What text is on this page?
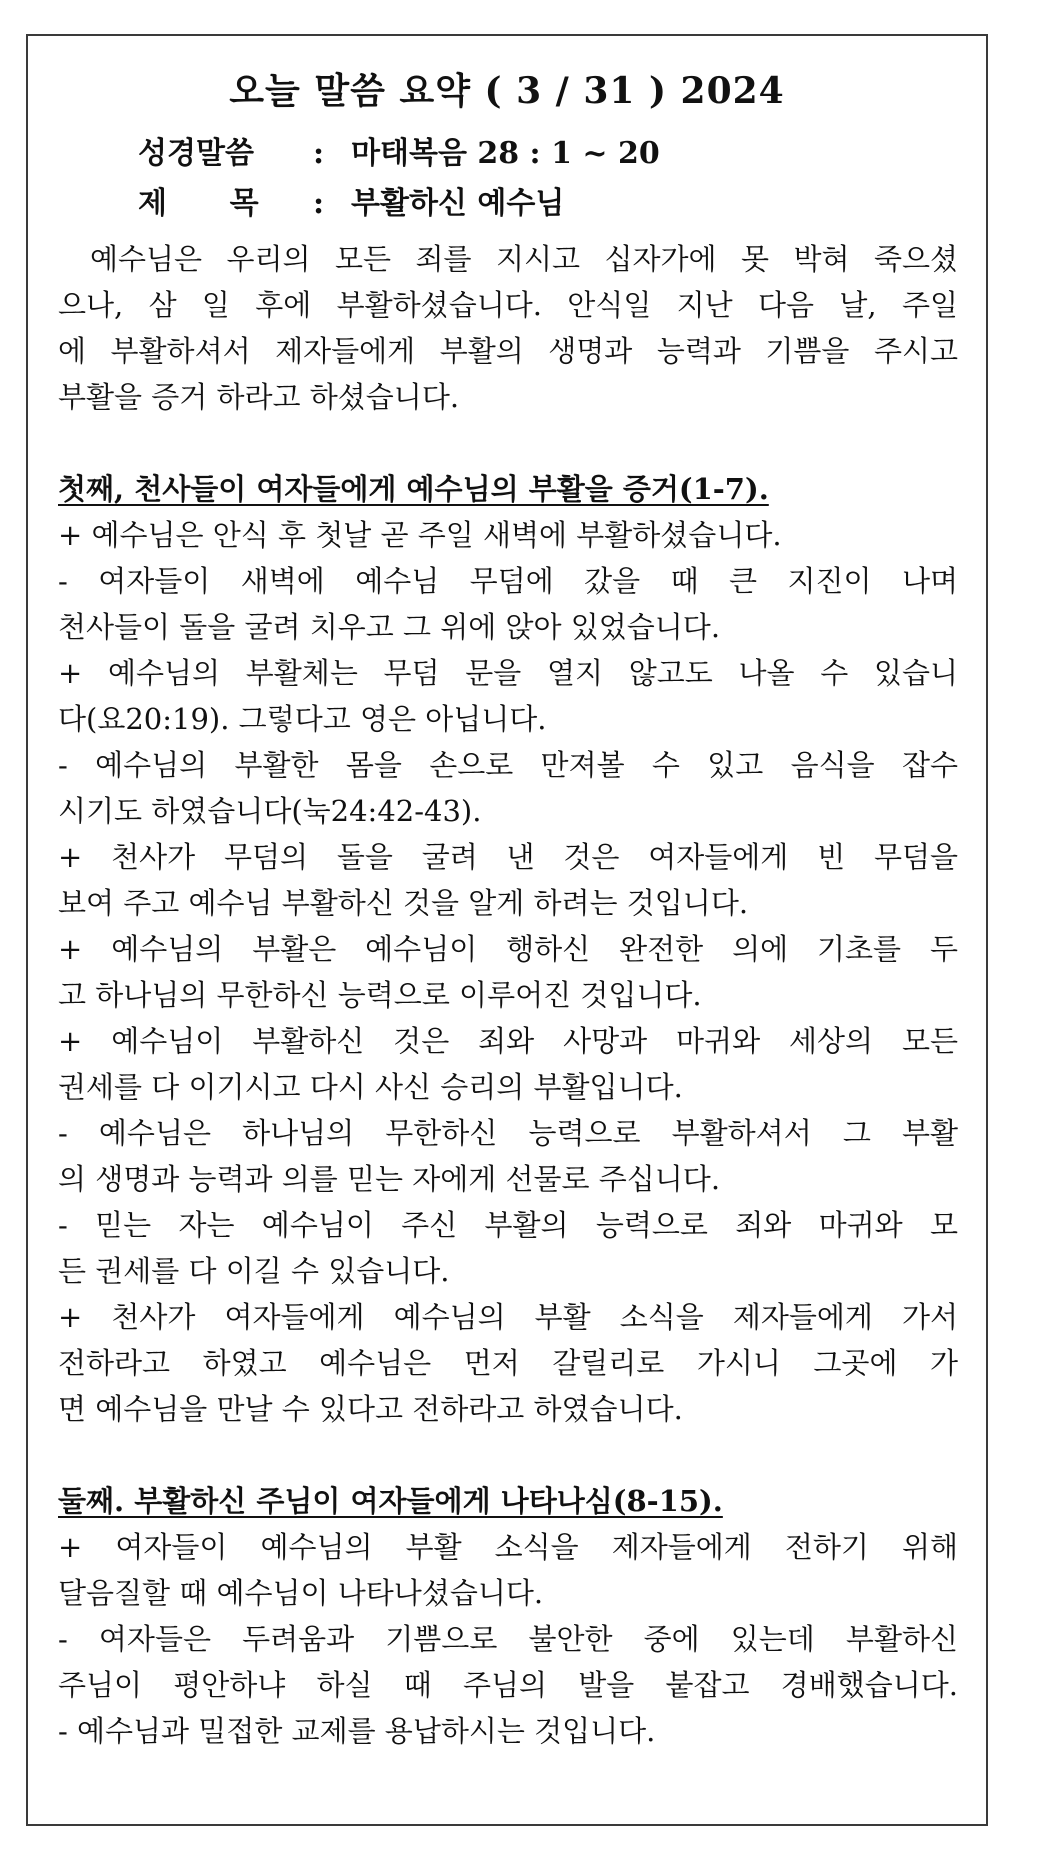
오늘 말씀 요약 ( 3 / 31 ) 2024
성경말씀 : 마태복음 28 : 1 ~ 20
제      목 : 부활하신 예수님
예수님은 우리의 모든 죄를 지시고 십자가에 못 박혀 죽으셨
으나, 삼 일 후에 부활하셨습니다. 안식일 지난 다음 날, 주일
에 부활하셔서 제자들에게 부활의 생명과 능력과 기쁨을 주시고
부활을 증거 하라고 하셨습니다.
첫째, 천사들이 여자들에게 예수님의 부활을 증거(1-7).
+ 예수님은 안식 후 첫날 곧 주일 새벽에 부활하셨습니다.
- 여자들이 새벽에 예수님 무덤에 갔을 때 큰 지진이 나며
천사들이 돌을 굴려 치우고 그 위에 앉아 있었습니다.
+ 예수님의 부활체는 무덤 문을 열지 않고도 나올 수 있습니
다(요20:19). 그렇다고 영은 아닙니다.
- 예수님의 부활한 몸을 손으로 만져볼 수 있고 음식을 잡수
시기도 하였습니다(눅24:42-43).
+ 천사가 무덤의 돌을 굴려 낸 것은 여자들에게 빈 무덤을
보여 주고 예수님 부활하신 것을 알게 하려는 것입니다.
+ 예수님의 부활은 예수님이 행하신 완전한 의에 기초를 두
고 하나님의 무한하신 능력으로 이루어진 것입니다.
+ 예수님이 부활하신 것은 죄와 사망과 마귀와 세상의 모든
권세를 다 이기시고 다시 사신 승리의 부활입니다.
- 예수님은 하나님의 무한하신 능력으로 부활하셔서 그 부활
의 생명과 능력과 의를 믿는 자에게 선물로 주십니다.
- 믿는 자는 예수님이 주신 부활의 능력으로 죄와 마귀와 모
든 권세를 다 이길 수 있습니다.
+ 천사가 여자들에게 예수님의 부활 소식을 제자들에게 가서
전하라고 하였고 예수님은 먼저 갈릴리로 가시니 그곳에 가
면 예수님을 만날 수 있다고 전하라고 하였습니다.
둘째. 부활하신 주님이 여자들에게 나타나심(8-15).
+ 여자들이 예수님의 부활 소식을 제자들에게 전하기 위해
달음질할 때 예수님이 나타나셨습니다.
- 여자들은 두려움과 기쁨으로 불안한 중에 있는데 부활하신
주님이 평안하냐 하실 때 주님의 발을 붙잡고 경배했습니다.
- 예수님과 밀접한 교제를 용납하시는 것입니다.
